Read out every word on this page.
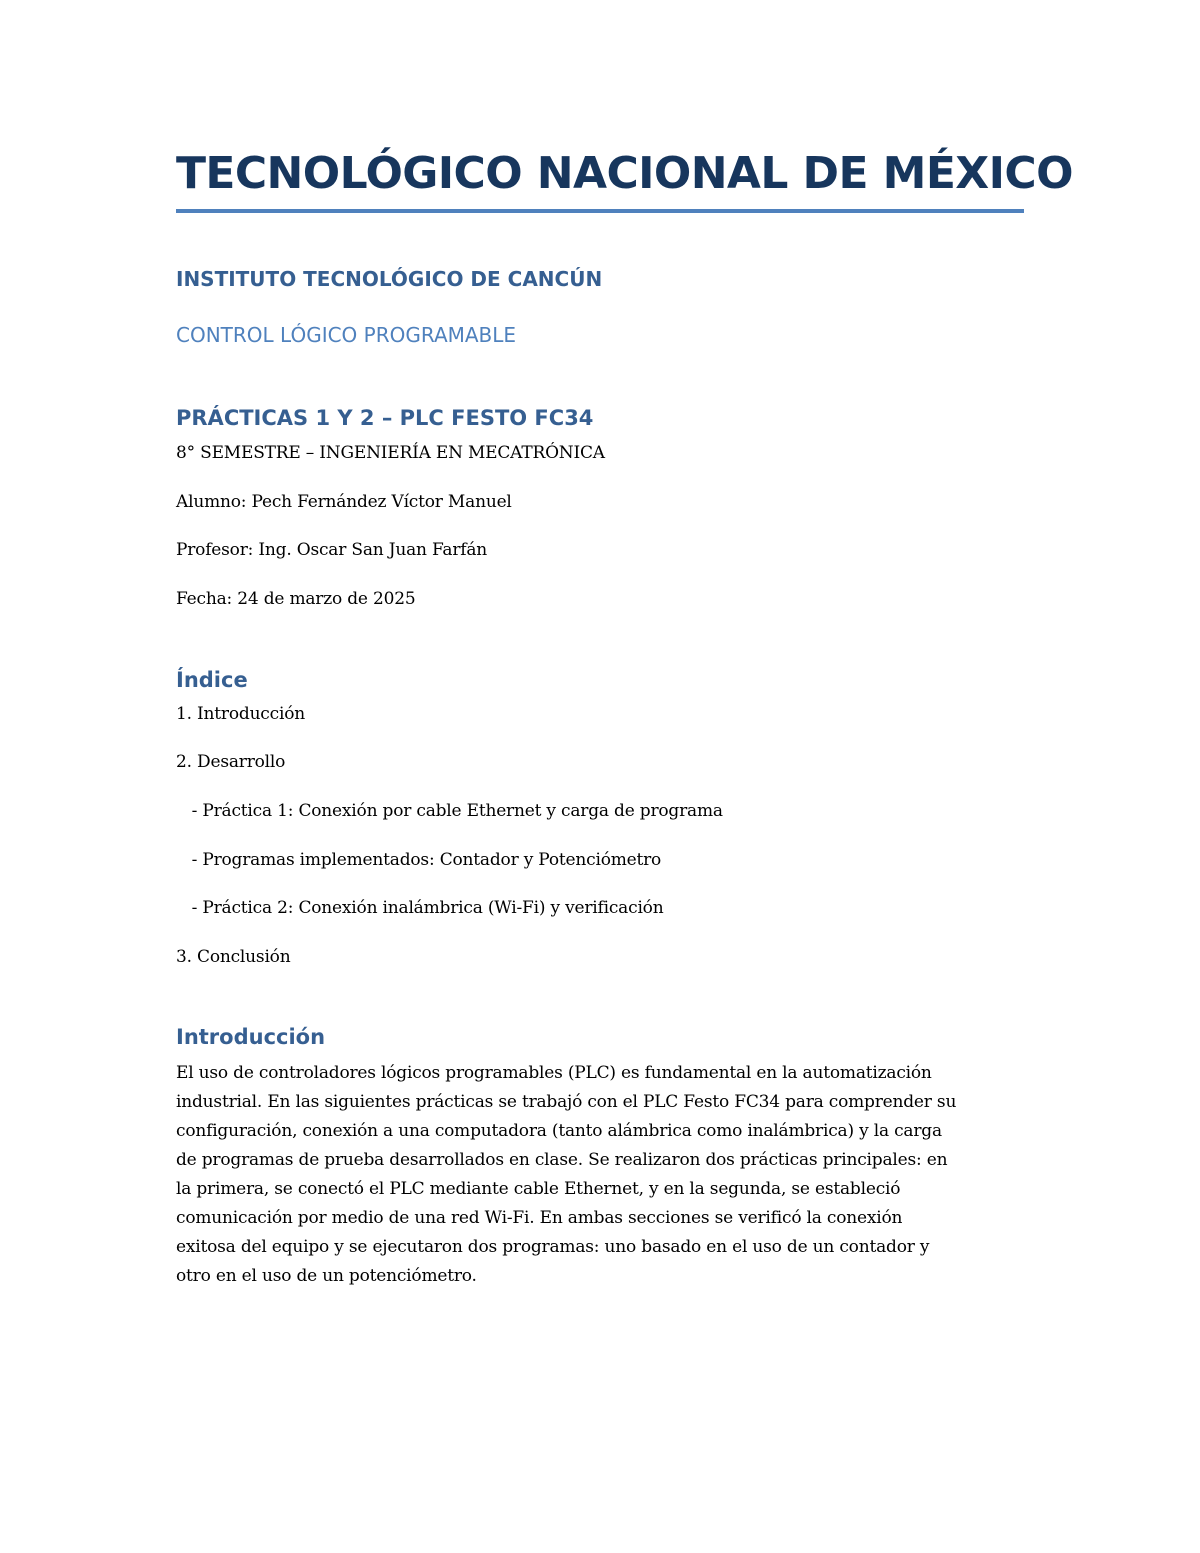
TECNOLÓGICO NACIONAL DE MÉXICO
INSTITUTO TECNOLÓGICO DE CANCÚN
CONTROL LÓGICO PROGRAMABLE
PRÁCTICAS 1 Y 2 – PLC FESTO FC34

8° SEMESTRE – INGENIERÍA EN MECATRÓNICA

Alumno: Pech Fernández Víctor Manuel

Profesor: Ing. Oscar San Juan Farfán

Fecha: 24 de marzo de 2025

Índice

1. Introducción

2. Desarrollo

- Práctica 1: Conexión por cable Ethernet y carga de programa

- Programas implementados: Contador y Potenciómetro

- Práctica 2: Conexión inalámbrica (Wi-Fi) y verificación

3. Conclusión

Introducción

El uso de controladores lógicos programables (PLC) es fundamental en la automatización
industrial. En las siguientes prácticas se trabajó con el PLC Festo FC34 para comprender su
configuración, conexión a una computadora (tanto alámbrica como inalámbrica) y la carga
de programas de prueba desarrollados en clase. Se realizaron dos prácticas principales: en
la primera, se conectó el PLC mediante cable Ethernet, y en la segunda, se estableció
comunicación por medio de una red Wi-Fi. En ambas secciones se verificó la conexión
exitosa del equipo y se ejecutaron dos programas: uno basado en el uso de un contador y
otro en el uso de un potenciómetro.
